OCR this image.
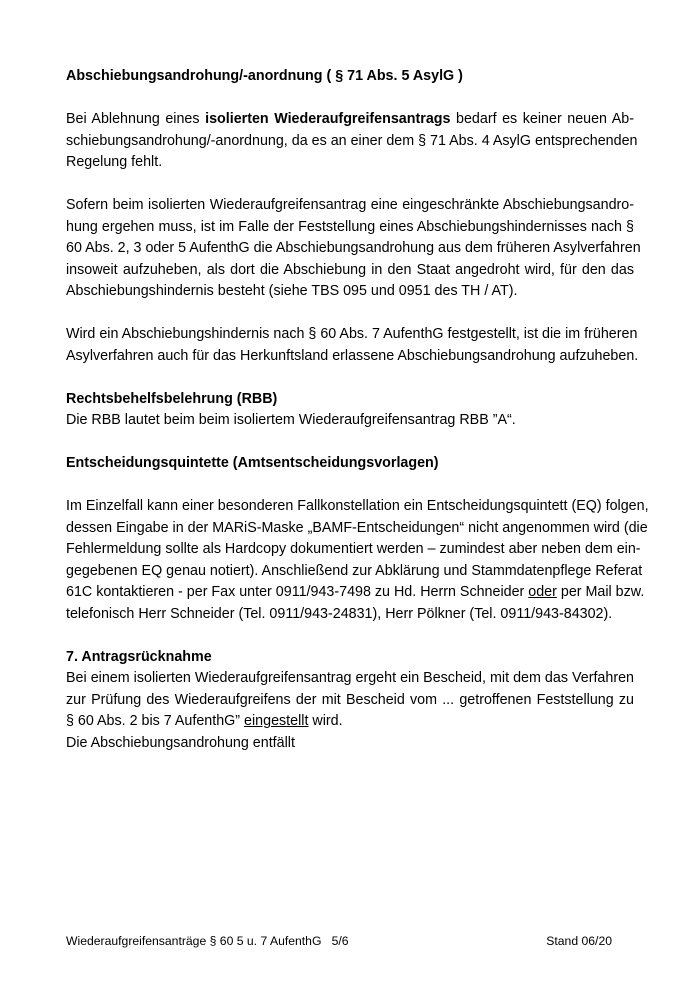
Abschiebungsandrohung/-anordnung ( § 71 Abs. 5 AsylG )

Bei Ablehnung eines isolierten Wiederaufgreifensantrags bedarf es keiner neuen Ab-
schiebungsandrohung/-anordnung, da es an einer dem § 71 Abs. 4 AsylG entsprechenden
Regelung fehlt.

Sofern beim isolierten Wiederaufgreifensantrag eine eingeschränkte Abschiebungsandro-
hung ergehen muss, ist im Falle der Feststellung eines Abschiebungshindernisses nach §
60 Abs. 2, 3 oder 5 AufenthG die Abschiebungsandrohung aus dem früheren Asylverfahren
insoweit aufzuheben, als dort die Abschiebung in den Staat angedroht wird, für den das
Abschiebungshindernis besteht (siehe TBS 095 und 0951 des TH / AT).

Wird ein Abschiebungshindernis nach § 60 Abs. 7 AufenthG festgestellt, ist die im früheren
Asylverfahren auch für das Herkunftsland erlassene Abschiebungsandrohung aufzuheben.

Rechtsbehelfsbelehrung (RBB)

Die RBB lautet beim beim isoliertem Wiederaufgreifensantrag RBB ”A“.

Entscheidungsquintette (Amtsentscheidungsvorlagen)

Im Einzelfall kann einer besonderen Fallkonstellation ein Entscheidungsquintett (EQ) folgen,
dessen Eingabe in der MARiS-Maske „BAMF-Entscheidungen“ nicht angenommen wird (die
Fehlermeldung sollte als Hardcopy dokumentiert werden – zumindest aber neben dem ein-
gegebenen EQ genau notiert). Anschließend zur Abklärung und Stammdatenpflege Referat
61C kontaktieren - per Fax unter 0911/943-7498 zu Hd. Herrn Schneider oder per Mail bzw.
telefonisch Herr Schneider (Tel. 0911/943-24831), Herr Pölkner (Tel. 0911/943-84302).

7. Antragsrücknahme

Bei einem isolierten Wiederaufgreifensantrag ergeht ein Bescheid, mit dem das Verfahren
zur Prüfung des Wiederaufgreifens der mit Bescheid vom ... getroffenen Feststellung zu
§ 60 Abs. 2 bis 7 AufenthG” eingestellt wird.
Die Abschiebungsandrohung entfällt

Wiederaufgreifensanträge § 60 5 u. 7 AufenthG 5/6	Stand 06/20
